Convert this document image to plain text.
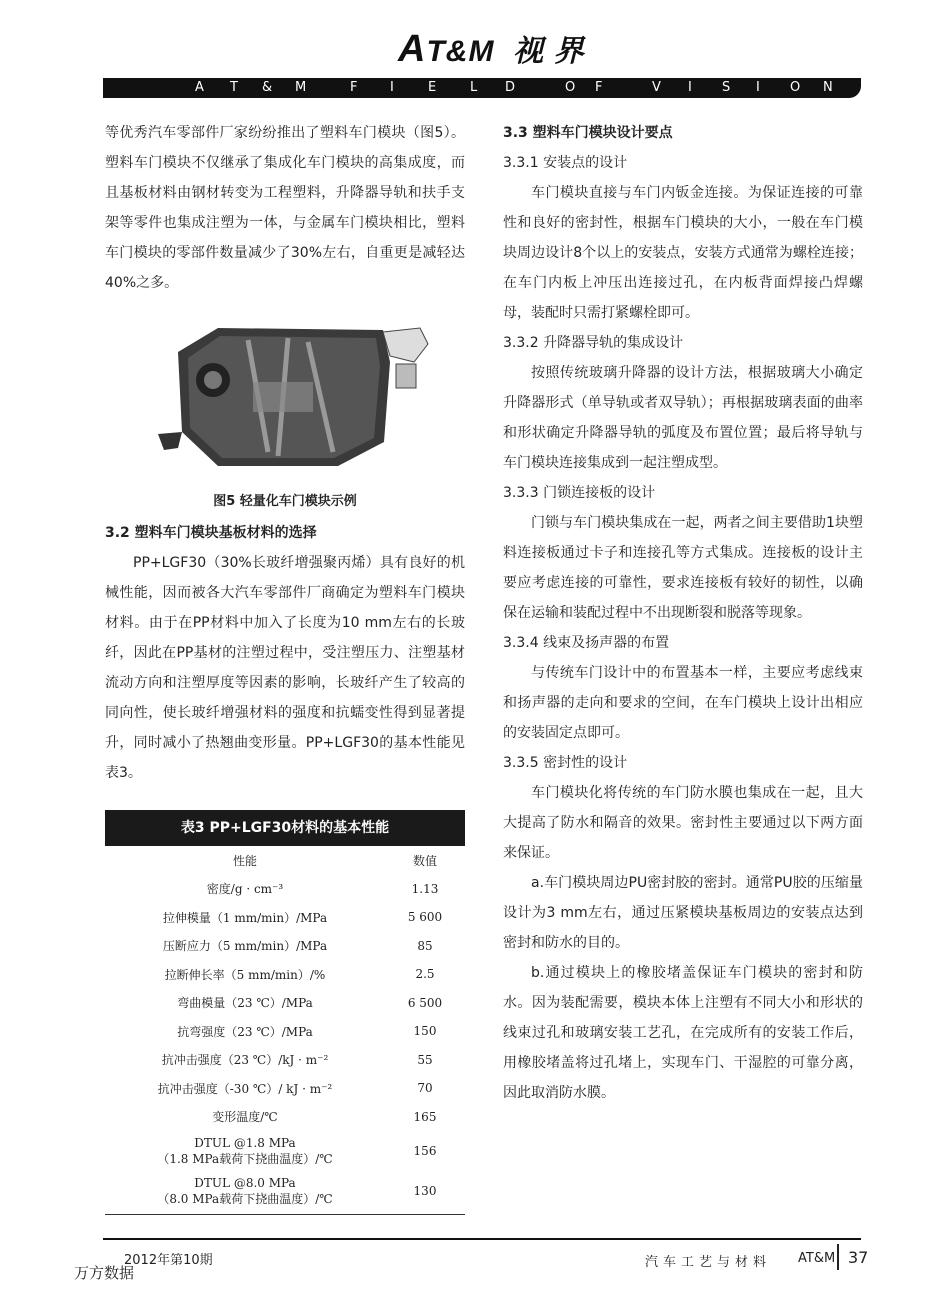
AT&M 视 界
A T & M	F	I	E	L D	O F	V I S I O N

等优秀汽车零部件厂家纷纷推出了塑料车门模块（图5）。塑料车门模块不仅继承了集成化车门模块的高集成度，而且基板材料由钢材转变为工程塑料，升降器导轨和扶手支架等零件也集成注塑为一体，与金属车门模块相比，塑料车门模块的零部件数量减少了30%左右，自重更是减轻达40%之多。

图5 轻量化车门模块示例

3.2 塑料车门模块基板材料的选择

PP+LGF30（30%长玻纤增强聚丙烯）具有良好的机械性能，因而被各大汽车零部件厂商确定为塑料车门模块材料。由于在PP材料中加入了长度为10 mm左右的长玻纤，因此在PP基材的注塑过程中，受注塑压力、注塑基材流动方向和注塑厚度等因素的影响，长玻纤产生了较高的同向性，使长玻纤增强材料的强度和抗蠕变性得到显著提升，同时减小了热翘曲变形量。PP+LGF30的基本性能见表3。

表3 PP+LGF30材料的基本性能
性能	数值
密度/g · cm⁻³	1.13
拉伸模量（1 mm/min）/MPa	5 600
压断应力（5 mm/min）/MPa	85
拉断伸长率（5 mm/min）/%	2.5
弯曲模量（23 ℃）/MPa	6 500
抗弯强度（23 ℃）/MPa	150
抗冲击强度（23 ℃）/kJ · m⁻²	55
抗冲击强度（-30 ℃）/ kJ · m⁻²	70
变形温度/℃	165

DTUL @1.8 MPa
（1.8 MPa载荷下挠曲温度）/℃	156

DTUL @8.0 MPa
（8.0 MPa载荷下挠曲温度）/℃	130

3.3 塑料车门模块设计要点

3.3.1 安装点的设计

车门模块直接与车门内钣金连接。为保证连接的可靠性和良好的密封性，根据车门模块的大小，一般在车门模块周边设计8个以上的安装点，安装方式通常为螺栓连接；在车门内板上冲压出连接过孔，在内板背面焊接凸焊螺母，装配时只需打紧螺栓即可。

3.3.2 升降器导轨的集成设计

按照传统玻璃升降器的设计方法，根据玻璃大小确定升降器形式（单导轨或者双导轨）；再根据玻璃表面的曲率和形状确定升降器导轨的弧度及布置位置；最后将导轨与车门模块连接集成到一起注塑成型。

3.3.3 门锁连接板的设计

门锁与车门模块集成在一起，两者之间主要借助1块塑料连接板通过卡子和连接孔等方式集成。连接板的设计主要应考虑连接的可靠性，要求连接板有较好的韧性，以确保在运输和装配过程中不出现断裂和脱落等现象。

3.3.4 线束及扬声器的布置

与传统车门设计中的布置基本一样，主要应考虑线束和扬声器的走向和要求的空间，在车门模块上设计出相应的安装固定点即可。

3.3.5 密封性的设计

车门模块化将传统的车门防水膜也集成在一起，且大大提高了防水和隔音的效果。密封性主要通过以下两方面来保证。

a.车门模块周边PU密封胶的密封。通常PU胶的压缩量设计为3 mm左右，通过压紧模块基板周边的安装点达到密封和防水的目的。

b.通过模块上的橡胶堵盖保证车门模块的密封和防水。因为装配需要，模块本体上注塑有不同大小和形状的线束过孔和玻璃安装工艺孔，在完成所有的安装工作后，用橡胶堵盖将过孔堵上，实现车门、干湿腔的可靠分离，因此取消防水膜。

2012年第10期	汽车工艺与材料 AT&M 37
万方数据
